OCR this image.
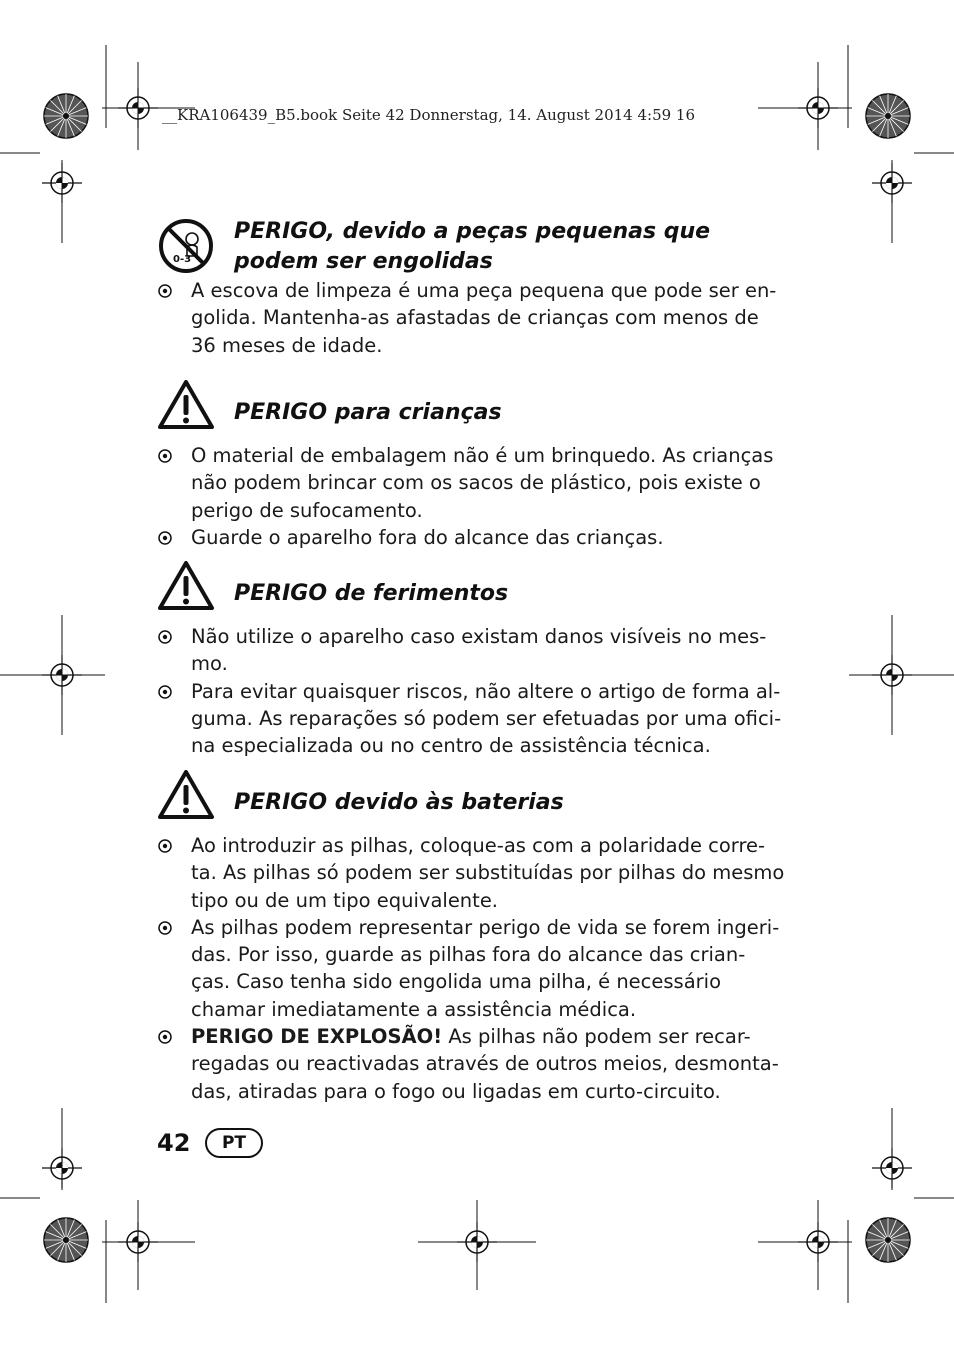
__KRA106439_B5.book Seite 42 Donnerstag, 14. August 2014 4:59 16
0-3
PERIGO, devido a peças pequenas que
podem ser engolidas
A escova de limpeza é uma peça pequena que pode ser en-
golida. Mantenha-as afastadas de crianças com menos de
36 meses de idade.
PERIGO para crianças
O material de embalagem não é um brinquedo. As crianças
não podem brincar com os sacos de plástico, pois existe o
perigo de sufocamento.
Guarde o aparelho fora do alcance das crianças.
PERIGO de ferimentos
Não utilize o aparelho caso existam danos visíveis no mes-
mo.
Para evitar quaisquer riscos, não altere o artigo de forma al-
guma. As reparações só podem ser efetuadas por uma ofici-
na especializada ou no centro de assistência técnica.
PERIGO devido às baterias
Ao introduzir as pilhas, coloque-as com a polaridade corre-
ta. As pilhas só podem ser substituídas por pilhas do mesmo
tipo ou de um tipo equivalente.
As pilhas podem representar perigo de vida se forem ingeri-
das. Por isso, guarde as pilhas fora do alcance das crian-
ças. Caso tenha sido engolida uma pilha, é necessário
chamar imediatamente a assistência médica.
PERIGO DE EXPLOSÃO! As pilhas não podem ser recar-
regadas ou reactivadas através de outros meios, desmonta-
das, atiradas para o fogo ou ligadas em curto-circuito.
42	PT
